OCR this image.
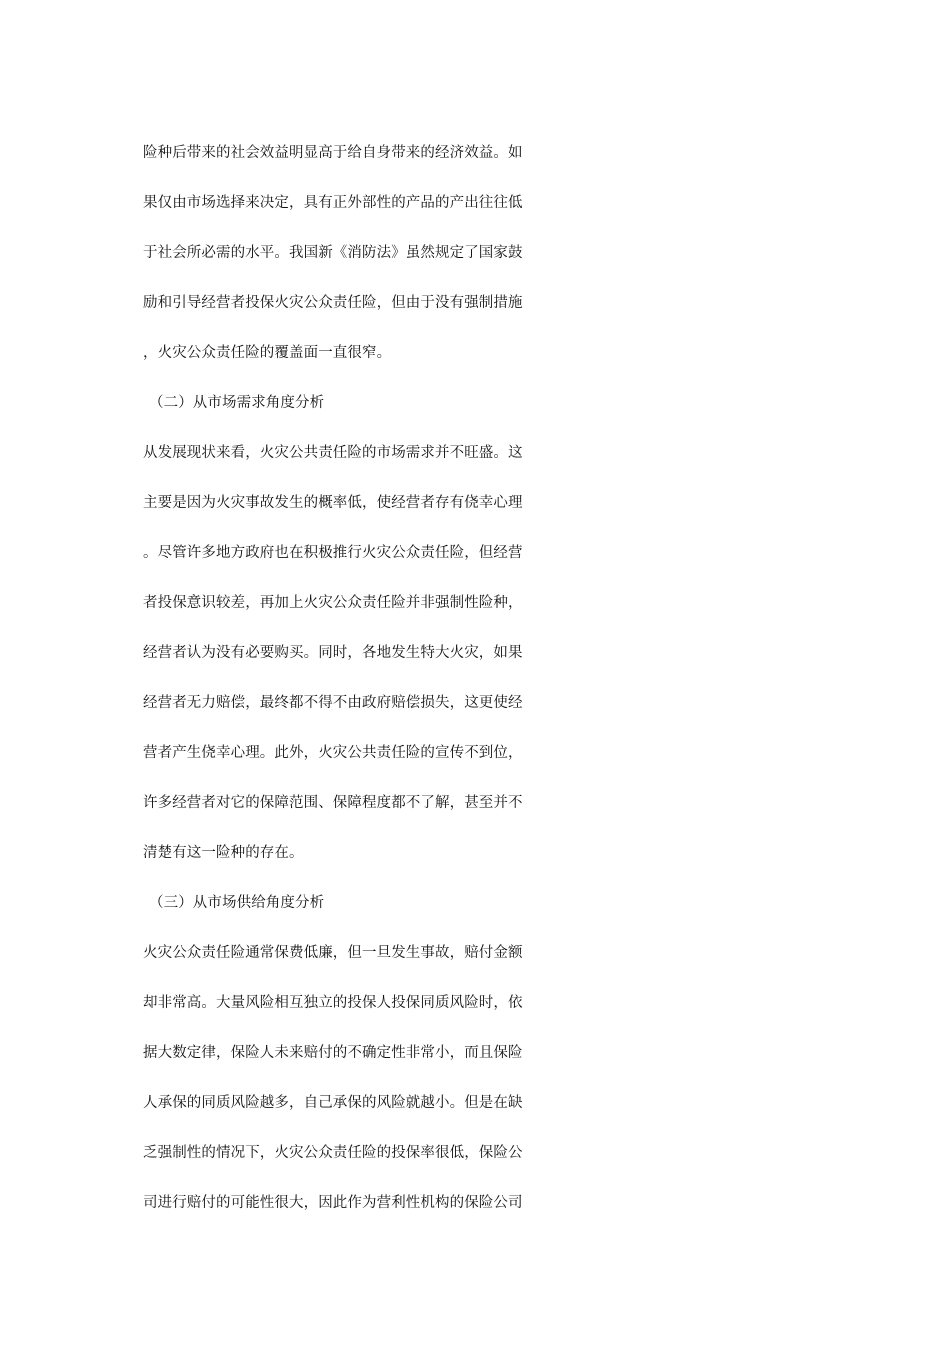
险种后带来的社会效益明显高于给自身带来的经济效益。如
果仅由市场选择来决定，具有正外部性的产品的产出往往低
于社会所必需的水平。我国新《消防法》虽然规定了国家鼓
励和引导经营者投保火灾公众责任险，但由于没有强制措施
，火灾公众责任险的覆盖面一直很窄。
（二）从市场需求角度分析
从发展现状来看，火灾公共责任险的市场需求并不旺盛。这
主要是因为火灾事故发生的概率低，使经营者存有侥幸心理
。尽管许多地方政府也在积极推行火灾公众责任险，但经营
者投保意识较差，再加上火灾公众责任险并非强制性险种，
经营者认为没有必要购买。同时，各地发生特大火灾，如果
经营者无力赔偿，最终都不得不由政府赔偿损失，这更使经
营者产生侥幸心理。此外，火灾公共责任险的宣传不到位，
许多经营者对它的保障范围、保障程度都不了解，甚至并不
清楚有这一险种的存在。
（三）从市场供给角度分析
火灾公众责任险通常保费低廉，但一旦发生事故，赔付金额
却非常高。大量风险相互独立的投保人投保同质风险时，依
据大数定律，保险人未来赔付的不确定性非常小，而且保险
人承保的同质风险越多，自己承保的风险就越小。但是在缺
乏强制性的情况下，火灾公众责任险的投保率很低，保险公
司进行赔付的可能性很大，因此作为营利性机构的保险公司
